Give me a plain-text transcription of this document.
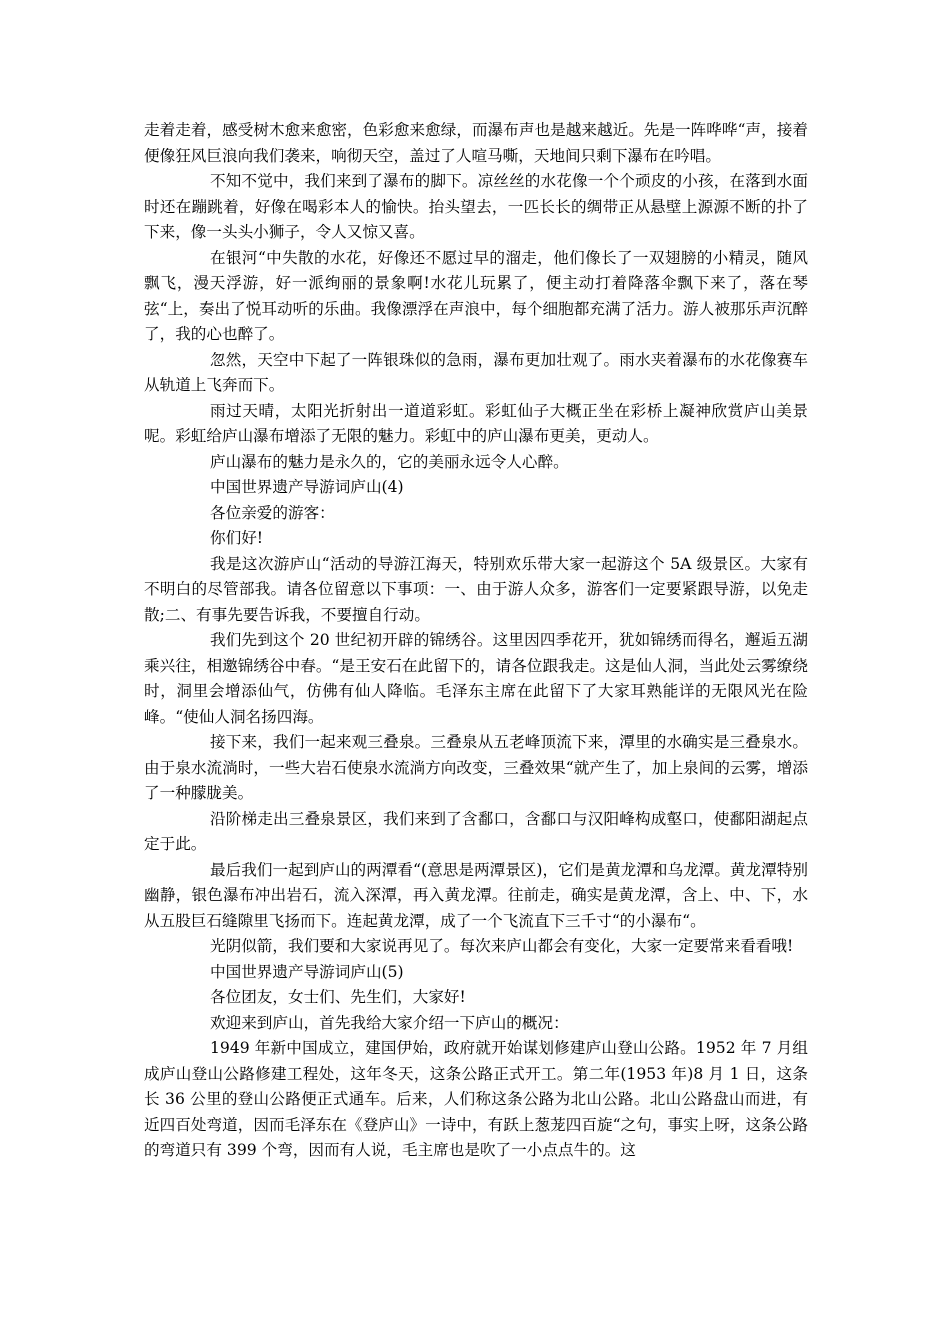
走着走着，感受树木愈来愈密，色彩愈来愈绿，而瀑布声也是越来越近。先是一阵哗哗“声，接着便像狂风巨浪向我们袭来，响彻天空，盖过了人喧马嘶，天地间只剩下瀑布在吟唱。

不知不觉中，我们来到了瀑布的脚下。凉丝丝的水花像一个个顽皮的小孩，在落到水面时还在蹦跳着，好像在喝彩本人的愉快。抬头望去，一匹长长的绸带正从悬壁上源源不断的扑了下来，像一头头小狮子，令人又惊又喜。

在银河“中失散的水花，好像还不愿过早的溜走，他们像长了一双翅膀的小精灵，随风飘飞，漫天浮游，好一派绚丽的景象啊!水花儿玩累了，便主动打着降落伞飘下来了，落在琴弦“上，奏出了悦耳动听的乐曲。我像漂浮在声浪中，每个细胞都充满了活力。游人被那乐声沉醉了，我的心也醉了。

忽然，天空中下起了一阵银珠似的急雨，瀑布更加壮观了。雨水夹着瀑布的水花像赛车从轨道上飞奔而下。

雨过天晴，太阳光折射出一道道彩虹。彩虹仙子大概正坐在彩桥上凝神欣赏庐山美景呢。彩虹给庐山瀑布增添了无限的魅力。彩虹中的庐山瀑布更美，更动人。

庐山瀑布的魅力是永久的，它的美丽永远令人心醉。

中国世界遗产导游词庐山(4)

各位亲爱的游客：

你们好!

我是这次游庐山“活动的导游江海天，特别欢乐带大家一起游这个 5A 级景区。大家有不明白的尽管部我。请各位留意以下事项：一、由于游人众多，游客们一定要紧跟导游，以免走散;二、有事先要告诉我，不要擅自行动。

我们先到这个 20 世纪初开辟的锦绣谷。这里因四季花开，犹如锦绣而得名，邂逅五湖乘兴往，相邀锦绣谷中春。“是王安石在此留下的，请各位跟我走。这是仙人洞，当此处云雾缭绕时，洞里会增添仙气，仿佛有仙人降临。毛泽东主席在此留下了大家耳熟能详的无限风光在险峰。“使仙人洞名扬四海。

接下来，我们一起来观三叠泉。三叠泉从五老峰顶流下来，潭里的水确实是三叠泉水。由于泉水流淌时，一些大岩石使泉水流淌方向改变，三叠效果“就产生了，加上泉间的云雾，增添了一种朦胧美。

沿阶梯走出三叠泉景区，我们来到了含鄱口，含鄱口与汉阳峰构成壑口，使鄱阳湖起点定于此。

最后我们一起到庐山的两潭看“(意思是两潭景区)，它们是黄龙潭和乌龙潭。黄龙潭特别幽静，银色瀑布冲出岩石，流入深潭，再入黄龙潭。往前走，确实是黄龙潭，含上、中、下，水从五股巨石缝隙里飞扬而下。连起黄龙潭，成了一个飞流直下三千寸“的小瀑布“。

光阴似箭，我们要和大家说再见了。每次来庐山都会有变化，大家一定要常来看看哦!

中国世界遗产导游词庐山(5)

各位团友，女士们、先生们，大家好!

欢迎来到庐山，首先我给大家介绍一下庐山的概况：

1949 年新中国成立，建国伊始，政府就开始谋划修建庐山登山公路。1952 年 7 月组成庐山登山公路修建工程处，这年冬天，这条公路正式开工。第二年(1953 年)8 月 1 日，这条长 36 公里的登山公路便正式通车。后来，人们称这条公路为北山公路。北山公路盘山而进，有近四百处弯道，因而毛泽东在《登庐山》一诗中，有跃上葱茏四百旋“之句，事实上呀，这条公路的弯道只有 399 个弯，因而有人说，毛主席也是吹了一小点点牛的。这
